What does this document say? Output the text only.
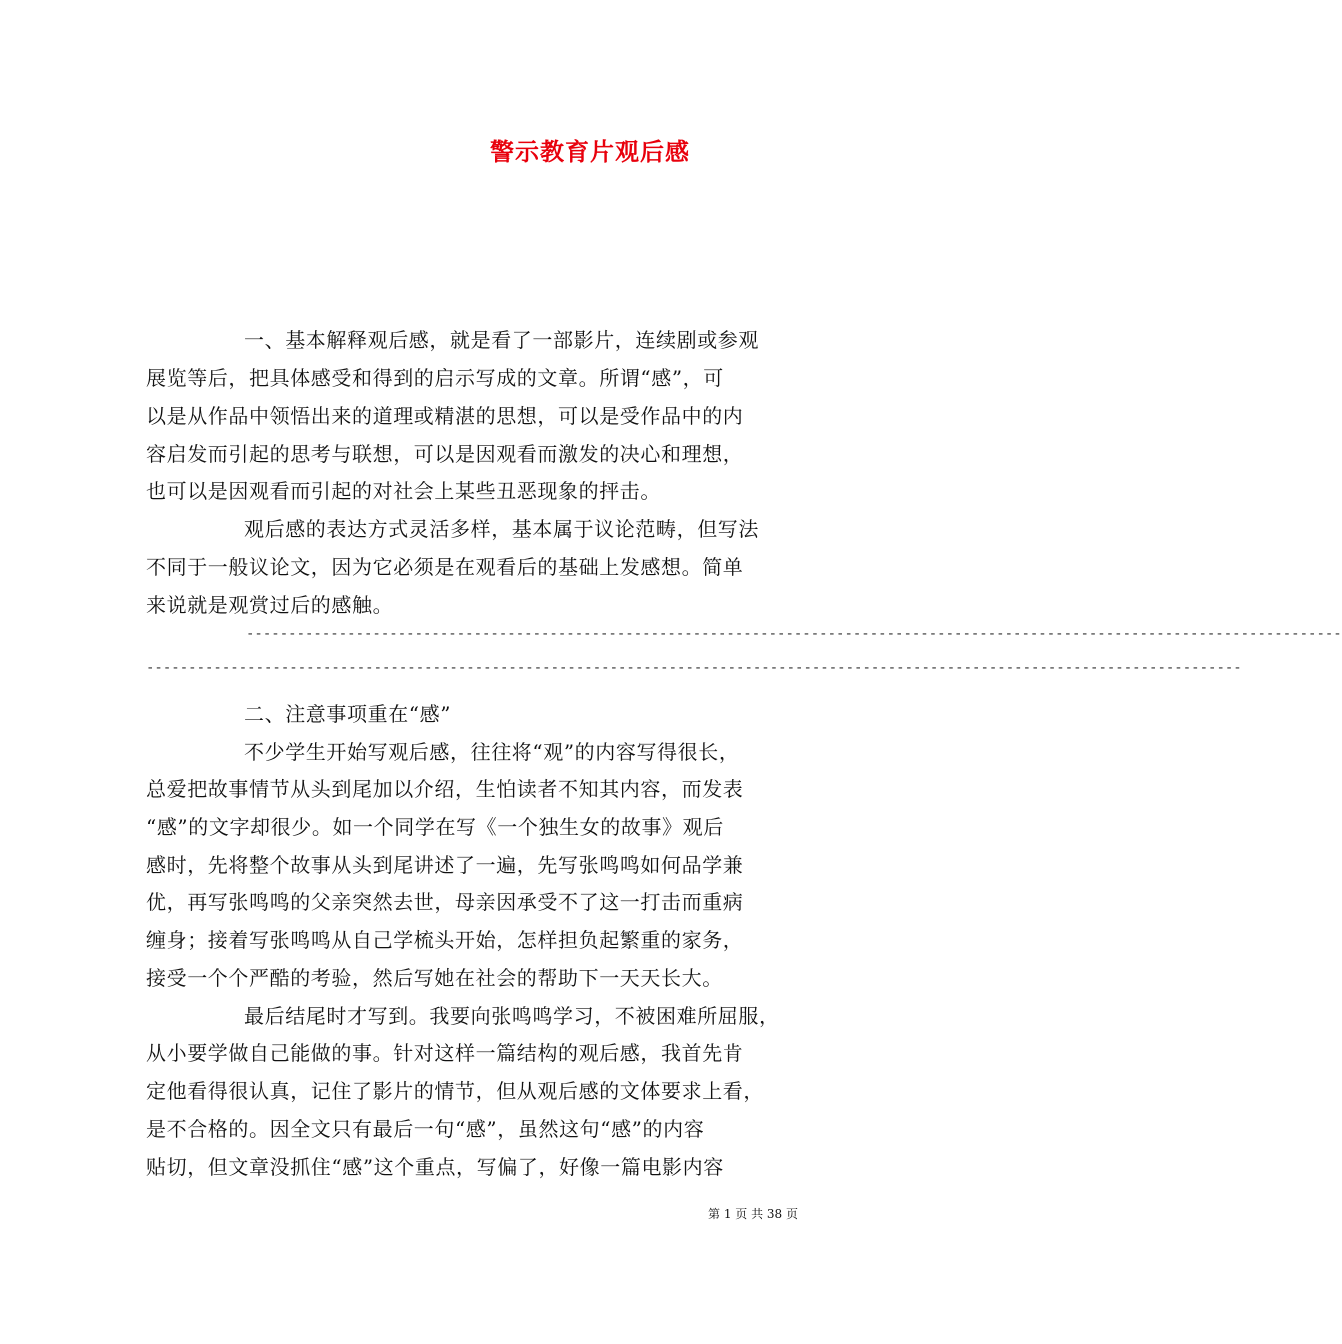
警示教育片观后感
一、基本解释观后感，就是看了一部影片，连续剧或参观
展览等后，把具体感受和得到的启示写成的文章。所谓“感”，可
以是从作品中领悟出来的道理或精湛的思想，可以是受作品中的内
容启发而引起的思考与联想，可以是因观看而激发的决心和理想，
也可以是因观看而引起的对社会上某些丑恶现象的抨击。
观后感的表达方式灵活多样，基本属于议论范畴，但写法
不同于一般议论文，因为它必须是在观看后的基础上发感想。简单
来说就是观赏过后的感触。
----------------------------------------------------------------------------------------------------------------------------------
----------------------------------------------------------------------------------------------------------------------------------
二、注意事项重在“感”
不少学生开始写观后感，往往将“观”的内容写得很长，
总爱把故事情节从头到尾加以介绍，生怕读者不知其内容，而发表
“感”的文字却很少。如一个同学在写《一个独生女的故事》观后
感时，先将整个故事从头到尾讲述了一遍，先写张鸣鸣如何品学兼
优，再写张鸣鸣的父亲突然去世，母亲因承受不了这一打击而重病
缠身；接着写张鸣鸣从自己学梳头开始，怎样担负起繁重的家务，
接受一个个严酷的考验，然后写她在社会的帮助下一天天长大。
最后结尾时才写到。我要向张鸣鸣学习，不被困难所屈服，
从小要学做自己能做的事。针对这样一篇结构的观后感，我首先肯
定他看得很认真，记住了影片的情节，但从观后感的文体要求上看，
是不合格的。因全文只有最后一句“感”，虽然这句“感”的内容
贴切，但文章没抓住“感”这个重点，写偏了，好像一篇电影内容
第 1 页 共 38 页
